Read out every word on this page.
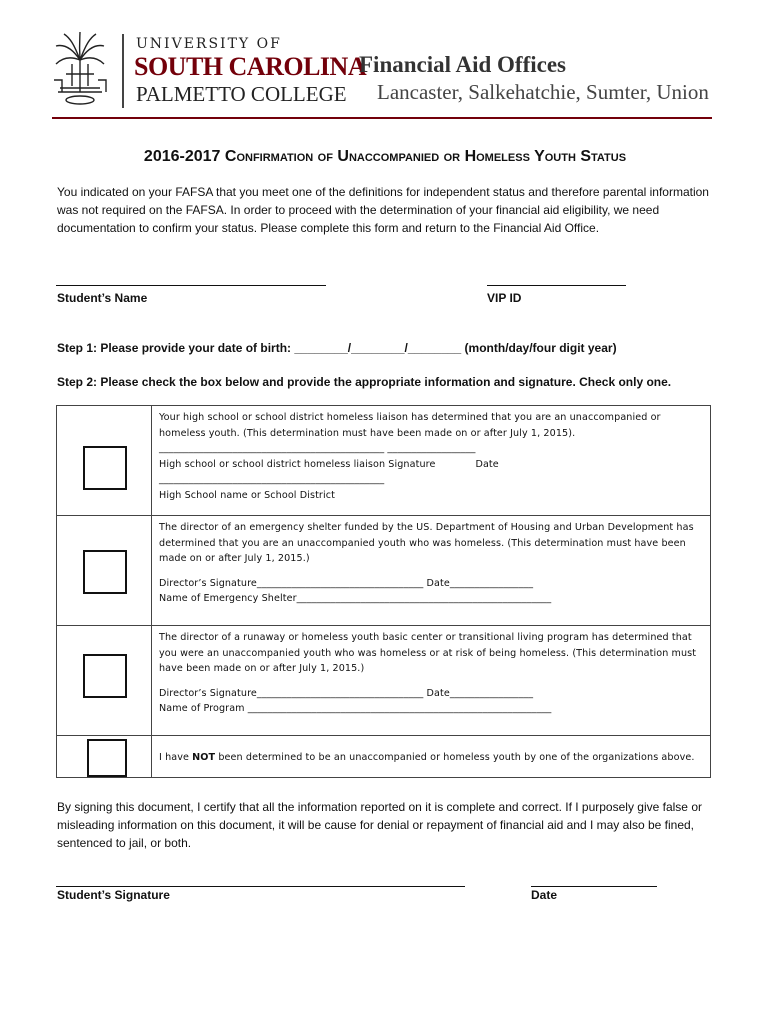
UNIVERSITY OF
SOUTH CAROLINA
PALMETTO COLLEGE
Financial Aid Offices
Lancaster, Salkehatchie, Sumter, Union
2016-2017 Confirmation of Unaccompanied or Homeless Youth Status
You indicated on your FAFSA that you meet one of the definitions for independent status and therefore parental information was not required on the FAFSA. In order to proceed with the determination of your financial aid eligibility, we need documentation to confirm your status. Please complete this form and return to the Financial Aid Office.
Student’s Name	VIP ID
Step 1: Please provide your date of birth: ________/________/________ (month/day/four digit year)
Step 2: Please check the box below and provide the appropriate information and signature. Check only one.

Your high school or school district homeless liaison has determined that you are an unaccompanied or homeless youth. (This determination must have been made on or after July 1, 2015).

______________________________________________ __________________

High school or school district homeless liaison Signature	Date

______________________________________________

High School name or School District

The director of an emergency shelter funded by the US. Department of Housing and Urban Development has determined that you are an unaccompanied youth who was homeless. (This determination must have been made on or after July 1, 2015.)

Director’s Signature__________________________________ Date_________________

Name of Emergency Shelter____________________________________________________

The director of a runaway or homeless youth basic center or transitional living program has determined that you were an unaccompanied youth who was homeless or at risk of being homeless. (This determination must have been made on or after July 1, 2015.)

Director’s Signature__________________________________ Date_________________

Name of Program ______________________________________________________________

I have NOT been determined to be an unaccompanied or homeless youth by one of the organizations above.

By signing this document, I certify that all the information reported on it is complete and correct. If I purposely give false or misleading information on this document, it will be cause for denial or repayment of financial aid and I may also be fined, sentenced to jail, or both.
Student’s Signature	Date
